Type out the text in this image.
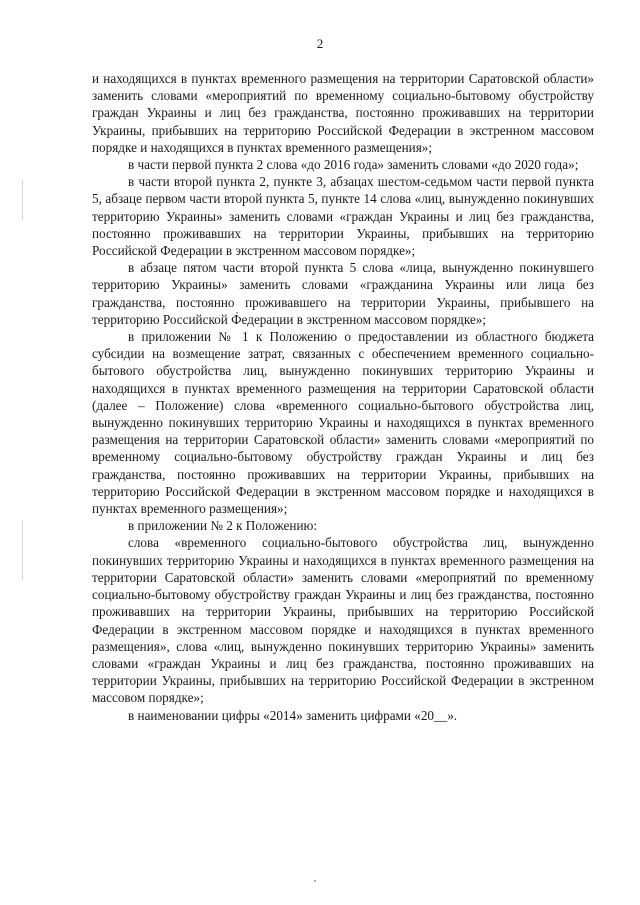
2

и находящихся в пунктах временного размещения на территории Саратовской области» заменить словами «мероприятий по временному социально-бытовому обустройству граждан Украины и лиц без гражданства, постоянно проживавших на территории Украины, прибывших на территорию Российской Федерации в экстренном массовом порядке и находящихся в пунктах временного размещения»;

в части первой пункта 2 слова «до 2016 года» заменить словами «до 2020 года»;

в части второй пункта 2, пункте 3, абзацах шестом-седьмом части первой пункта 5, абзаце первом части второй пункта 5, пункте 14 слова «лиц, вынужденно покинувших территорию Украины» заменить словами «граждан Украины и лиц без гражданства, постоянно проживавших на территории Украины, прибывших на территорию Российской Федерации в экстренном массовом порядке»;

в абзаце пятом части второй пункта 5 слова «лица, вынужденно покинувшего территорию Украины» заменить словами «гражданина Украины или лица без гражданства, постоянно проживавшего на территории Украины, прибывшего на территорию Российской Федерации в экстренном массовом порядке»;

в приложении № 1 к Положению о предоставлении из областного бюджета субсидии на возмещение затрат, связанных с обеспечением временного социально-бытового обустройства лиц, вынужденно покинувших территорию Украины и находящихся в пунктах временного размещения на территории Саратовской области (далее – Положение) слова «временного социально-бытового обустройства лиц, вынужденно покинувших территорию Украины и находящихся в пунктах временного размещения на территории Саратовской области» заменить словами «мероприятий по временному социально-бытовому обустройству граждан Украины и лиц без гражданства, постоянно проживавших на территории Украины, прибывших на территорию Российской Федерации в экстренном массовом порядке и находящихся в пунктах временного размещения»;

в приложении № 2 к Положению:

слова «временного социально-бытового обустройства лиц, вынужденно покинувших территорию Украины и находящихся в пунктах временного размещения на территории Саратовской области» заменить словами «мероприятий по временному социально-бытовому обустройству граждан Украины и лиц без гражданства, постоянно проживавших на территории Украины, прибывших на территорию Российской Федерации в экстренном массовом порядке и находящихся в пунктах временного размещения», слова «лиц, вынужденно покинувших территорию Украины» заменить словами «граждан Украины и лиц без гражданства, постоянно проживавших на территории Украины, прибывших на территорию Российской Федерации в экстренном массовом порядке»;

в наименовании цифры «2014» заменить цифрами «20__».
